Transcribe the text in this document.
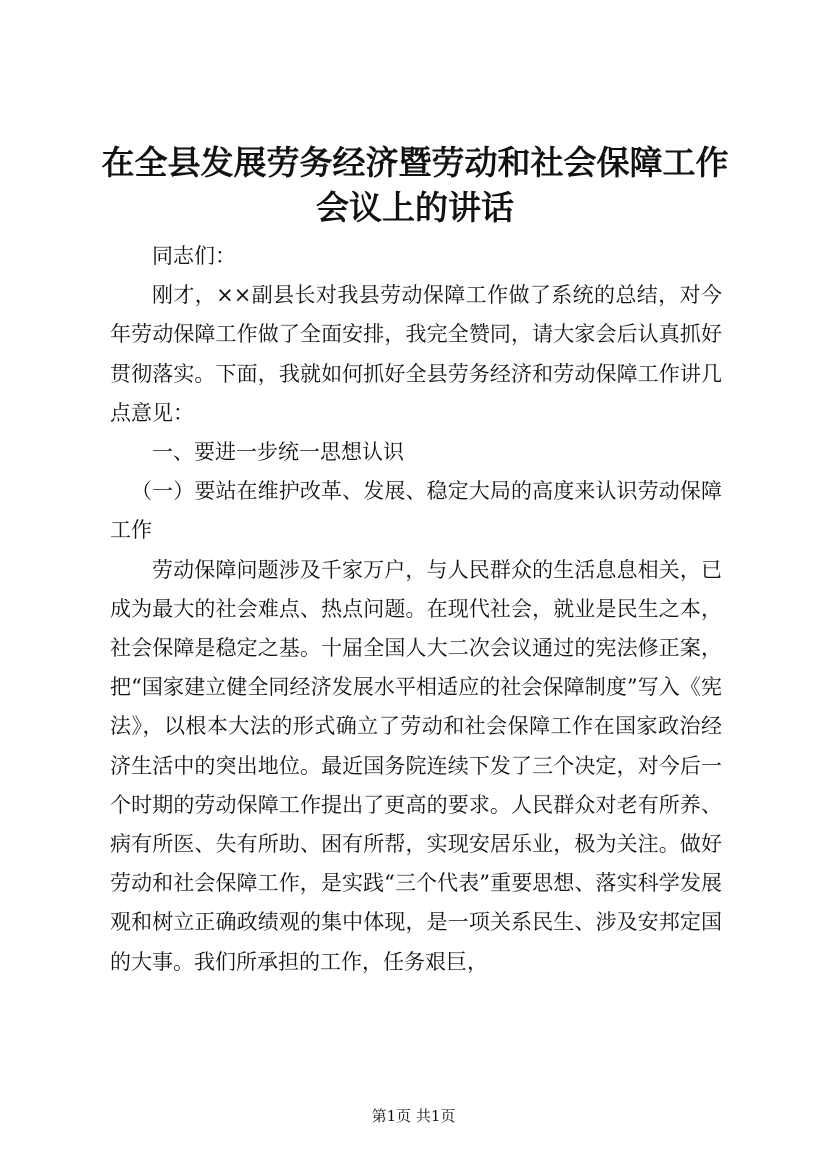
在全县发展劳务经济暨劳动和社会保障工作会议上的讲话

同志们：

刚才，××副县长对我县劳动保障工作做了系统的总结，对今年劳动保障工作做了全面安排，我完全赞同，请大家会后认真抓好贯彻落实。下面，我就如何抓好全县劳务经济和劳动保障工作讲几点意见：

一、要进一步统一思想认识

（一）要站在维护改革、发展、稳定大局的高度来认识劳动保障工作

劳动保障问题涉及千家万户，与人民群众的生活息息相关，已成为最大的社会难点、热点问题。在现代社会，就业是民生之本，社会保障是稳定之基。十届全国人大二次会议通过的宪法修正案，把“国家建立健全同经济发展水平相适应的社会保障制度”写入《宪法》，以根本大法的形式确立了劳动和社会保障工作在国家政治经济生活中的突出地位。最近国务院连续下发了三个决定，对今后一个时期的劳动保障工作提出了更高的要求。人民群众对老有所养、病有所医、失有所助、困有所帮，实现安居乐业，极为关注。做好劳动和社会保障工作，是实践“三个代表”重要思想、落实科学发展观和树立正确政绩观的集中体现，是一项关系民生、涉及安邦定国的大事。我们所承担的工作，任务艰巨，

第1页 共1页
